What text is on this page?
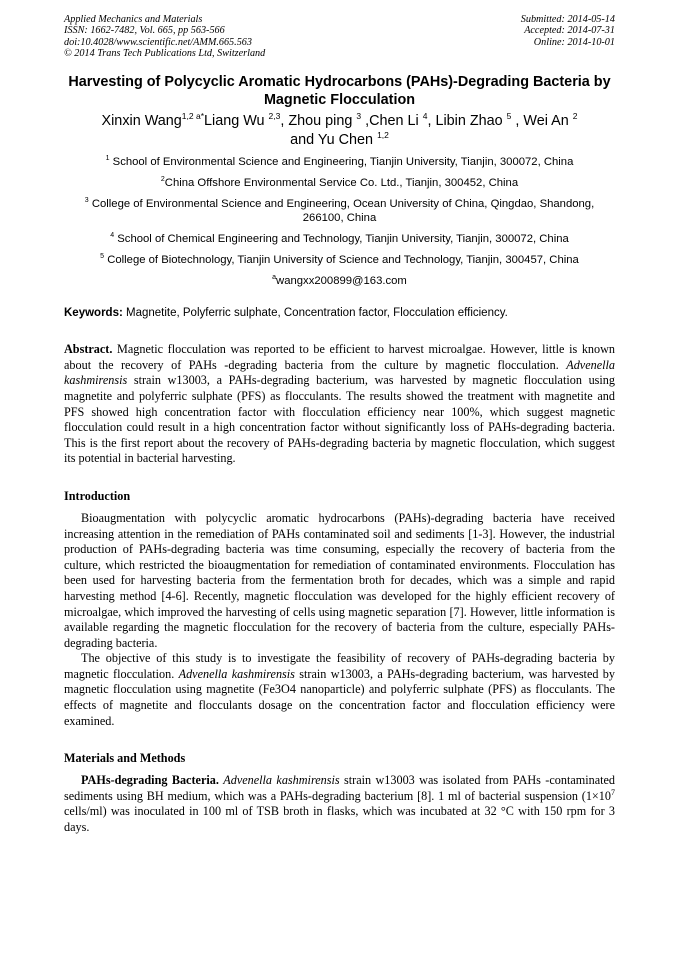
Applied Mechanics and Materials
ISSN: 1662-7482, Vol. 665, pp 563-566
doi:10.4028/www.scientific.net/AMM.665.563
© 2014 Trans Tech Publications Ltd, Switzerland
Submitted: 2014-05-14
Accepted: 2014-07-31
Online: 2014-10-01
Harvesting of Polycyclic Aromatic Hydrocarbons (PAHs)-Degrading Bacteria by Magnetic Flocculation
Xinxin Wang$^{1,2 a*}$Liang Wu $^{2,3}$, Zhou ping $^3$ ,Chen Li $^4$, Libin Zhao $^5$ , Wei An $^2$
and Yu Chen $^{1,2}$
$^1$ School of Environmental Science and Engineering, Tianjin University, Tianjin, 300072, China
$^2$China Offshore Environmental Service Co. Ltd., Tianjin, 300452, China
$^3$ College of Environmental Science and Engineering, Ocean University of China, Qingdao, Shandong, 266100, China
$^4$ School of Chemical Engineering and Technology, Tianjin University, Tianjin, 300072, China
$^5$ College of Biotechnology, Tianjin University of Science and Technology, Tianjin, 300457, China
$^a$wangxx200899@163.com
Keywords: Magnetite, Polyferric sulphate, Concentration factor, Flocculation efficiency.
Abstract. Magnetic flocculation was reported to be efficient to harvest microalgae. However, little is known about the recovery of PAHs -degrading bacteria from the culture by magnetic flocculation. Advenella kashmirensis strain w13003, a PAHs-degrading bacterium, was harvested by magnetic flocculation using magnetite and polyferric sulphate (PFS) as flocculants. The results showed the treatment with magnetite and PFS showed high concentration factor with flocculation efficiency near 100%, which suggest magnetic flocculation could result in a high concentration factor without significantly loss of PAHs-degrading bacteria. This is the first report about the recovery of PAHs-degrading bacteria by magnetic flocculation, which suggest its potential in bacterial harvesting.
Introduction
Bioaugmentation with polycyclic aromatic hydrocarbons (PAHs)-degrading bacteria have received increasing attention in the remediation of PAHs contaminated soil and sediments [1-3]. However, the industrial production of PAHs-degrading bacteria was time consuming, especially the recovery of bacteria from the culture, which restricted the bioaugmentation for remediation of contaminated environments. Flocculation has been used for harvesting bacteria from the fermentation broth for decades, which was a simple and rapid harvesting method [4-6]. Recently, magnetic flocculation was developed for the highly efficient recovery of microalgae, which improved the harvesting of cells using magnetic separation [7]. However, little information is available regarding the magnetic flocculation for the recovery of bacteria from the culture, especially PAHs-degrading bacteria.
The objective of this study is to investigate the feasibility of recovery of PAHs-degrading bacteria by magnetic flocculation. Advenella kashmirensis strain w13003, a PAHs-degrading bacterium, was harvested by magnetic flocculation using magnetite (Fe3O4 nanoparticle) and polyferric sulphate (PFS) as flocculants. The effects of magnetite and flocculants dosage on the concentration factor and flocculation efficiency were examined.
Materials and Methods
PAHs-degrading Bacteria. Advenella kashmirensis strain w13003 was isolated from PAHs -contaminated sediments using BH medium, which was a PAHs-degrading bacterium [8]. 1 ml of bacterial suspension ($1\times 10^7$ cells/ml) was inoculated in 100 ml of TSB broth in flasks, which was incubated at 32 °C with 150 rpm for 3 days.
